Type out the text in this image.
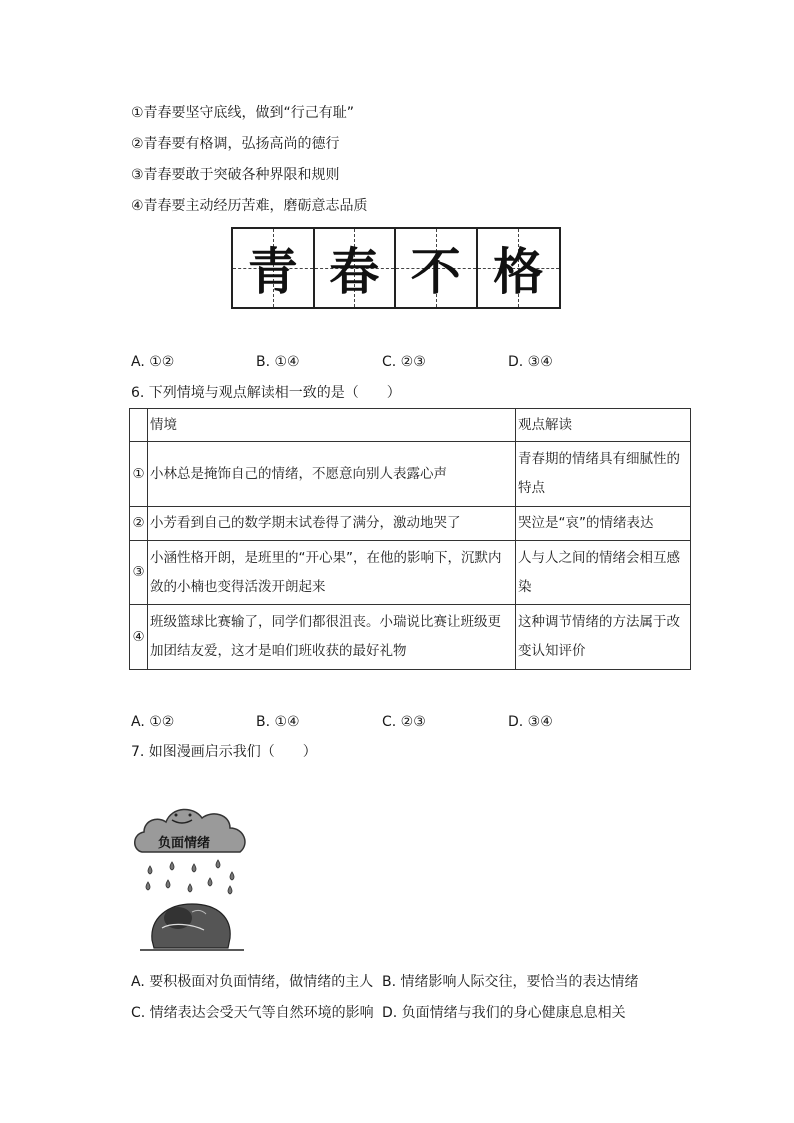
①青春要坚守底线，做到“行己有耻”
②青春要有格调，弘扬高尚的德行
③青春要敢于突破各种界限和规则
④青春要主动经历苦难，磨砺意志品质
青 春 不 格
A. ①②	B. ①④	C. ②③	D. ③④
6. 下列情境与观点解读相一致的是（　　）
	情境	观点解读
①	小林总是掩饰自己的情绪，不愿意向别人表露心声	青春期的情绪具有细腻性的特点
②	小芳看到自己的数学期末试卷得了满分，激动地哭了	哭泣是“哀”的情绪表达
③	小涵性格开朗，是班里的“开心果”，在他的影响下，沉默内敛的小楠也变得活泼开朗起来	人与人之间的情绪会相互感染
④	班级篮球比赛输了，同学们都很沮丧。小瑞说比赛让班级更加团结友爱，这才是咱们班收获的最好礼物	这种调节情绪的方法属于改变认知评价
A. ①②	B. ①④	C. ②③	D. ③④
7. 如图漫画启示我们（　　）
负面情绪
A. 要积极面对负面情绪，做情绪的主人 B. 情绪影响人际交往，要恰当的表达情绪
C. 情绪表达会受天气等自然环境的影响 D. 负面情绪与我们的身心健康息息相关
